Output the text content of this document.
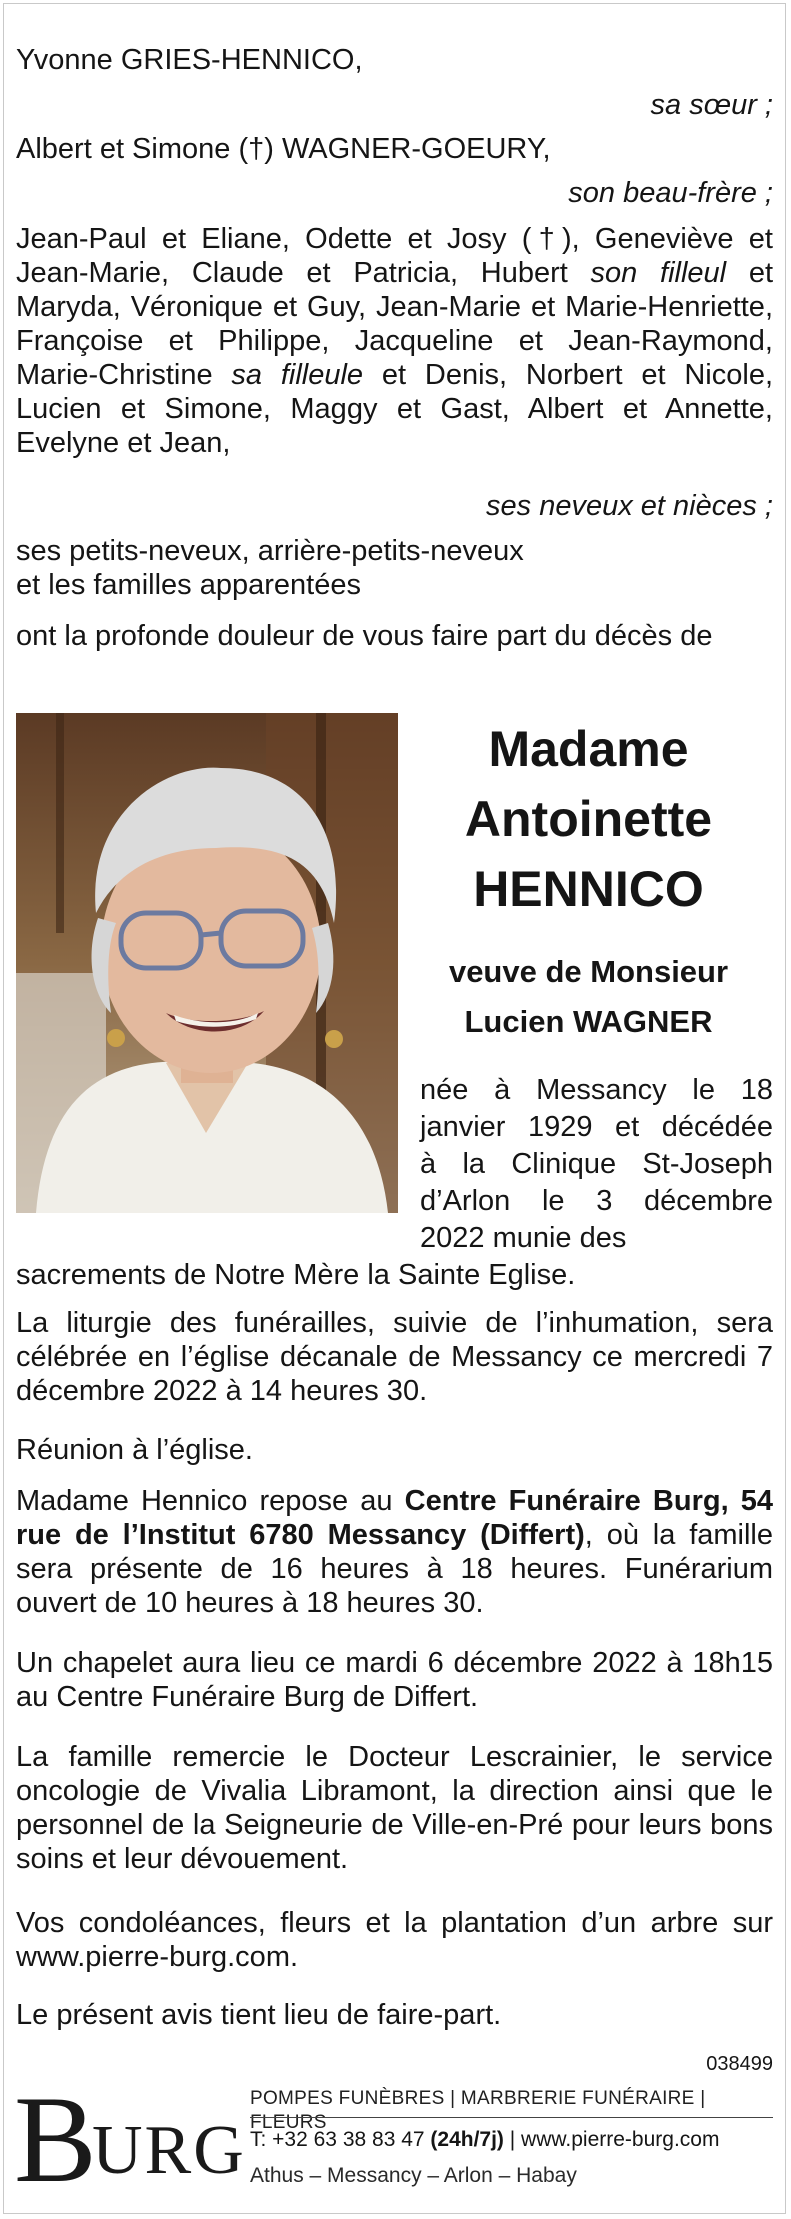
Yvonne GRIES-HENNICO,

sa sœur ;

Albert et Simone (†) WAGNER-GOEURY,

son beau-frère ;

Jean-Paul et Eliane, Odette et Josy (†), Geneviève et Jean-Marie, Claude et Patricia, Hubert son filleul et Maryda, Véronique et Guy, Jean-Marie et Marie-Henriette, Françoise et Philippe, Jacqueline et Jean-Raymond, Marie-Christine sa filleule et Denis, Norbert et Nicole, Lucien et Simone, Maggy et Gast, Albert et Annette, Evelyne et Jean,

ses neveux et nièces ;

ses petits-neveux, arrière-petits-neveux

et les familles apparentées

ont la profonde douleur de vous faire part du décès de

Madame

Antoinette

HENNICO

veuve de Monsieur

Lucien WAGNER

née à Messancy le 18

janvier 1929 et décédée

à la Clinique St-Joseph

d’Arlon le 3 décembre

2022 munie des

sacrements de Notre Mère la Sainte Eglise.

La liturgie des funérailles, suivie de l’inhumation, sera célébrée en l’église décanale de Messancy ce mercredi 7 décembre 2022 à 14 heures 30.

Réunion à l’église.

Madame Hennico repose au Centre Funéraire Burg, 54 rue de l’Institut 6780 Messancy (Differt), où la famille sera présente de 16 heures à 18 heures. Funérarium ouvert de 10 heures à 18 heures 30.

Un chapelet aura lieu ce mardi 6 décembre 2022 à 18h15 au Centre Funéraire Burg de Differt.

La famille remercie le Docteur Lescrainier, le service oncologie de Vivalia Libramont, la direction ainsi que le personnel de la Seigneurie de Ville-en-Pré pour leurs bons soins et leur dévouement.

Vos condoléances, fleurs et la plantation d’un arbre sur www.pierre-burg.com.

Le présent avis tient lieu de faire-part.

038499
B
URG
POMPES FUNÈBRES | MARBRERIE FUNÉRAIRE | FLEURS
T: +32 63 38 83 47 (24h/7j) | www.pierre-burg.com
Athus – Messancy – Arlon – Habay
